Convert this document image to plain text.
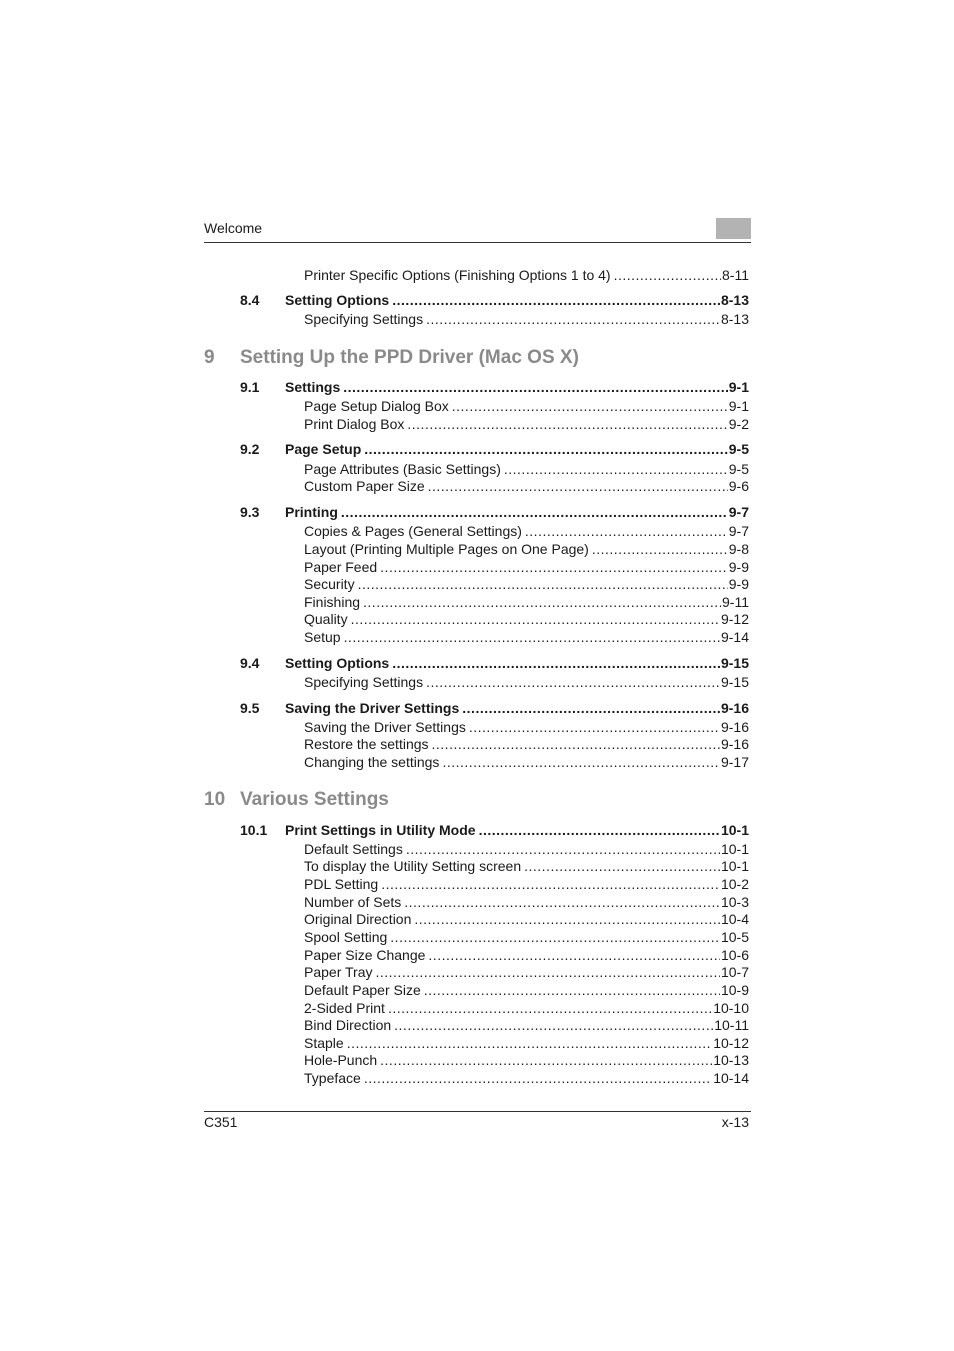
Welcome
Printer Specific Options (Finishing Options 1 to 4) .....	8-11
8.4 Setting Options .....	8-13
Specifying Settings .....	8-13
9 Setting Up the PPD Driver (Mac OS X)
9.1 Settings .....	9-1
Page Setup Dialog Box .....	9-1
Print Dialog Box .....	9-2
9.2 Page Setup .....	9-5
Page Attributes (Basic Settings) .....	9-5
Custom Paper Size .....	9-6
9.3 Printing .....	9-7
Copies & Pages (General Settings) .....	9-7
Layout (Printing Multiple Pages on One Page) .....	9-8
Paper Feed .....	9-9
Security .....	9-9
Finishing .....	9-11
Quality .....	9-12
Setup .....	9-14
9.4 Setting Options .....	9-15
Specifying Settings .....	9-15
9.5 Saving the Driver Settings .....	9-16
Saving the Driver Settings .....	9-16
Restore the settings .....	9-16
Changing the settings .....	9-17
10 Various Settings
10.1 Print Settings in Utility Mode .....	10-1
Default Settings .....	10-1
To display the Utility Setting screen .....	10-1
PDL Setting .....	10-2
Number of Sets .....	10-3
Original Direction .....	10-4
Spool Setting .....	10-5
Paper Size Change .....	10-6
Paper Tray .....	10-7
Default Paper Size .....	10-9
2-Sided Print .....	10-10
Bind Direction .....	10-11
Staple .....	10-12
Hole-Punch .....	10-13
Typeface .....	10-14
C351	x-13
